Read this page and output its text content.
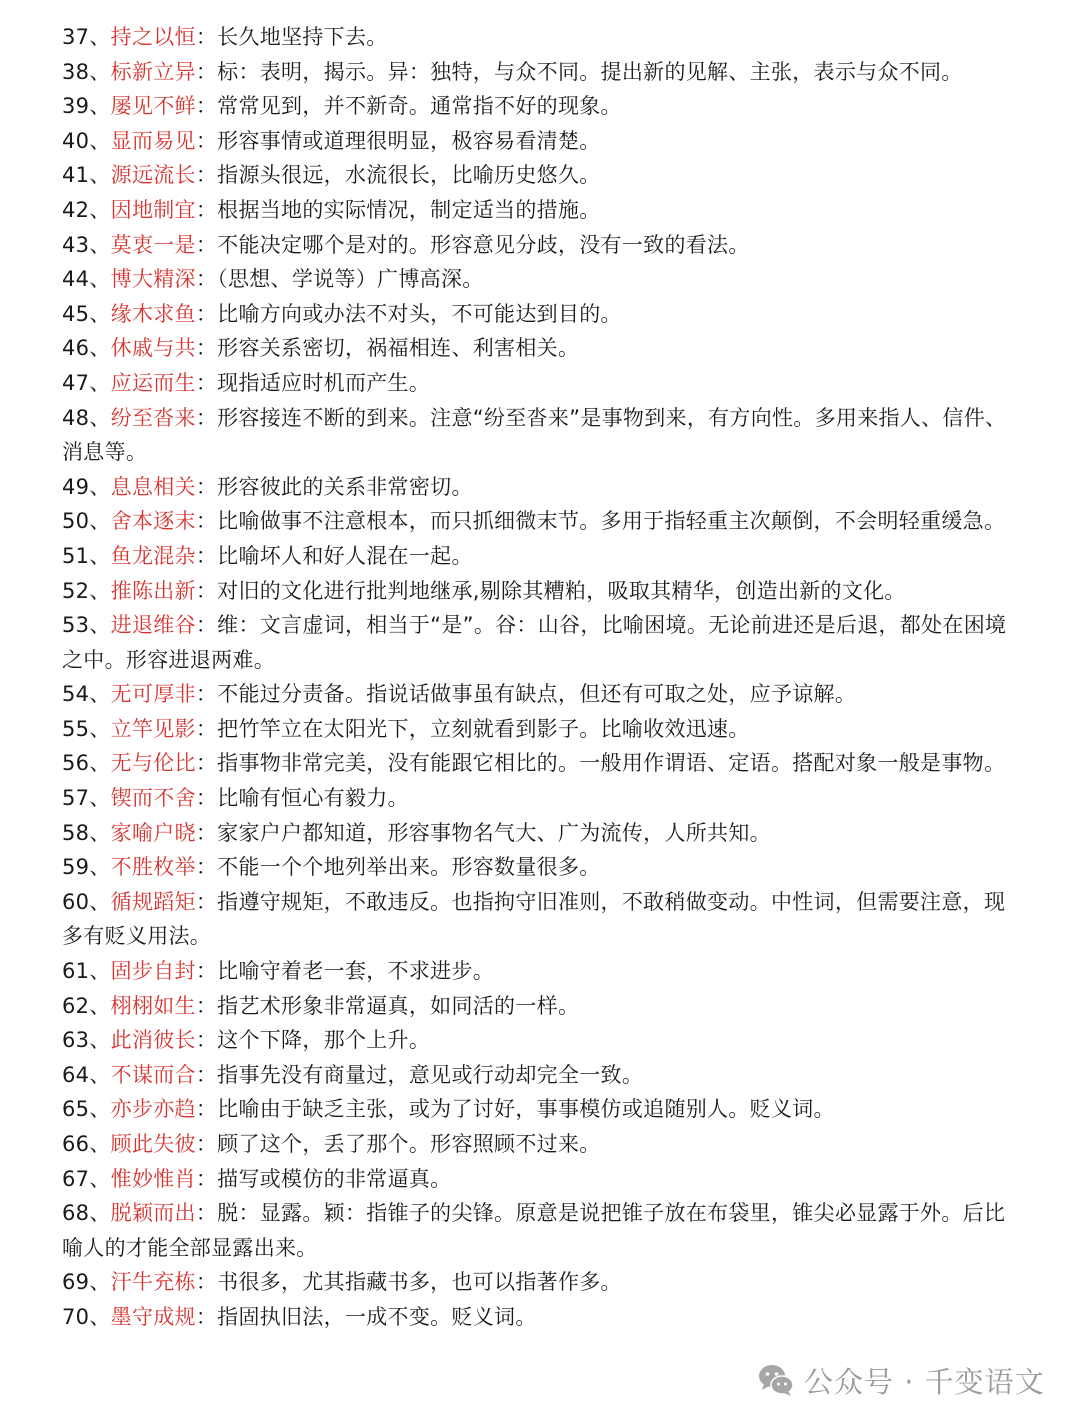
37、持之以恒：长久地坚持下去。
38、标新立异：标：表明，揭示。异：独特，与众不同。提出新的见解、主张，表示与众不同。
39、屡见不鲜：常常见到，并不新奇。通常指不好的现象。
40、显而易见：形容事情或道理很明显，极容易看清楚。
41、源远流长：指源头很远，水流很长，比喻历史悠久。
42、因地制宜：根据当地的实际情况，制定适当的措施。
43、莫衷一是：不能决定哪个是对的。形容意见分歧，没有一致的看法。
44、博大精深：（思想、学说等）广博高深。
45、缘木求鱼：比喻方向或办法不对头，不可能达到目的。
46、休戚与共：形容关系密切，祸福相连、利害相关。
47、应运而生：现指适应时机而产生。
48、纷至沓来：形容接连不断的到来。注意“纷至沓来”是事物到来，有方向性。多用来指人、信件、消息等。
49、息息相关：形容彼此的关系非常密切。
50、舍本逐末：比喻做事不注意根本，而只抓细微末节。多用于指轻重主次颠倒，不会明轻重缓急。
51、鱼龙混杂：比喻坏人和好人混在一起。
52、推陈出新：对旧的文化进行批判地继承,剔除其糟粕，吸取其精华，创造出新的文化。
53、进退维谷：维：文言虚词，相当于“是”。谷：山谷，比喻困境。无论前进还是后退，都处在困境之中。形容进退两难。
54、无可厚非：不能过分责备。指说话做事虽有缺点，但还有可取之处，应予谅解。
55、立竿见影：把竹竿立在太阳光下，立刻就看到影子。比喻收效迅速。
56、无与伦比：指事物非常完美，没有能跟它相比的。一般用作谓语、定语。搭配对象一般是事物。
57、锲而不舍：比喻有恒心有毅力。
58、家喻户晓：家家户户都知道，形容事物名气大、广为流传，人所共知。
59、不胜枚举：不能一个个地列举出来。形容数量很多。
60、循规蹈矩：指遵守规矩，不敢违反。也指拘守旧准则，不敢稍做变动。中性词，但需要注意，现多有贬义用法。
61、固步自封：比喻守着老一套，不求进步。
62、栩栩如生：指艺术形象非常逼真，如同活的一样。
63、此消彼长：这个下降，那个上升。
64、不谋而合：指事先没有商量过，意见或行动却完全一致。
65、亦步亦趋：比喻由于缺乏主张，或为了讨好，事事模仿或追随别人。贬义词。
66、顾此失彼：顾了这个，丢了那个。形容照顾不过来。
67、惟妙惟肖：描写或模仿的非常逼真。
68、脱颖而出：脱：显露。颖：指锥子的尖锋。原意是说把锥子放在布袋里，锥尖必显露于外。后比喻人的才能全部显露出来。
69、汗牛充栋：书很多，尤其指藏书多，也可以指著作多。
70、墨守成规：指固执旧法，一成不变。贬义词。
公众号 · 千变语文
